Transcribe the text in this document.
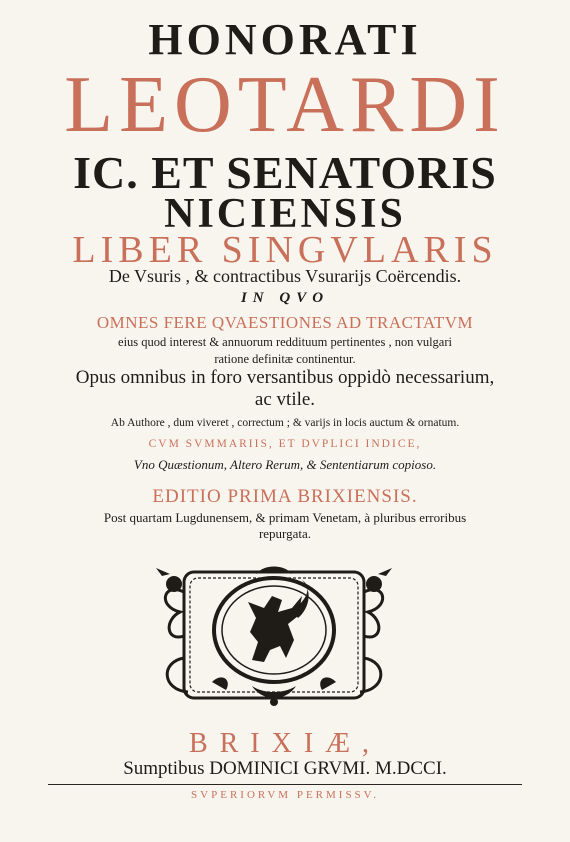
HONORATI
LEOTARDI
IC. ET SENATORIS
NICIENSIS
LIBER SINGVLARIS
De Vsuris , & contractibus Vsurarijs Coërcendis.
IN QVO
OMNES FERE QVAESTIONES AD TRACTATVM
eius quod interest & annuorum reddituum pertinentes , non vulgari
ratione definitæ continentur.
Opus omnibus in foro versantibus oppidò necessarium,
ac vtile.
Ab Authore , dum viveret , correctum ; & varijs in locis auctum & ornatum.
CVM SVMMARIIS, ET DVPLICI INDICE,
Vno Quæstionum, Altero Rerum, & Sententiarum copioso.
EDITIO PRIMA BRIXIENSIS.
Post quartam Lugdunensem, & primam Venetam, à pluribus erroribus
repurgata.
BRIXIÆ,
Sumptibus DOMINICI GRVMI. M.DCCI.
SVPERIORVM PERMISSV.
